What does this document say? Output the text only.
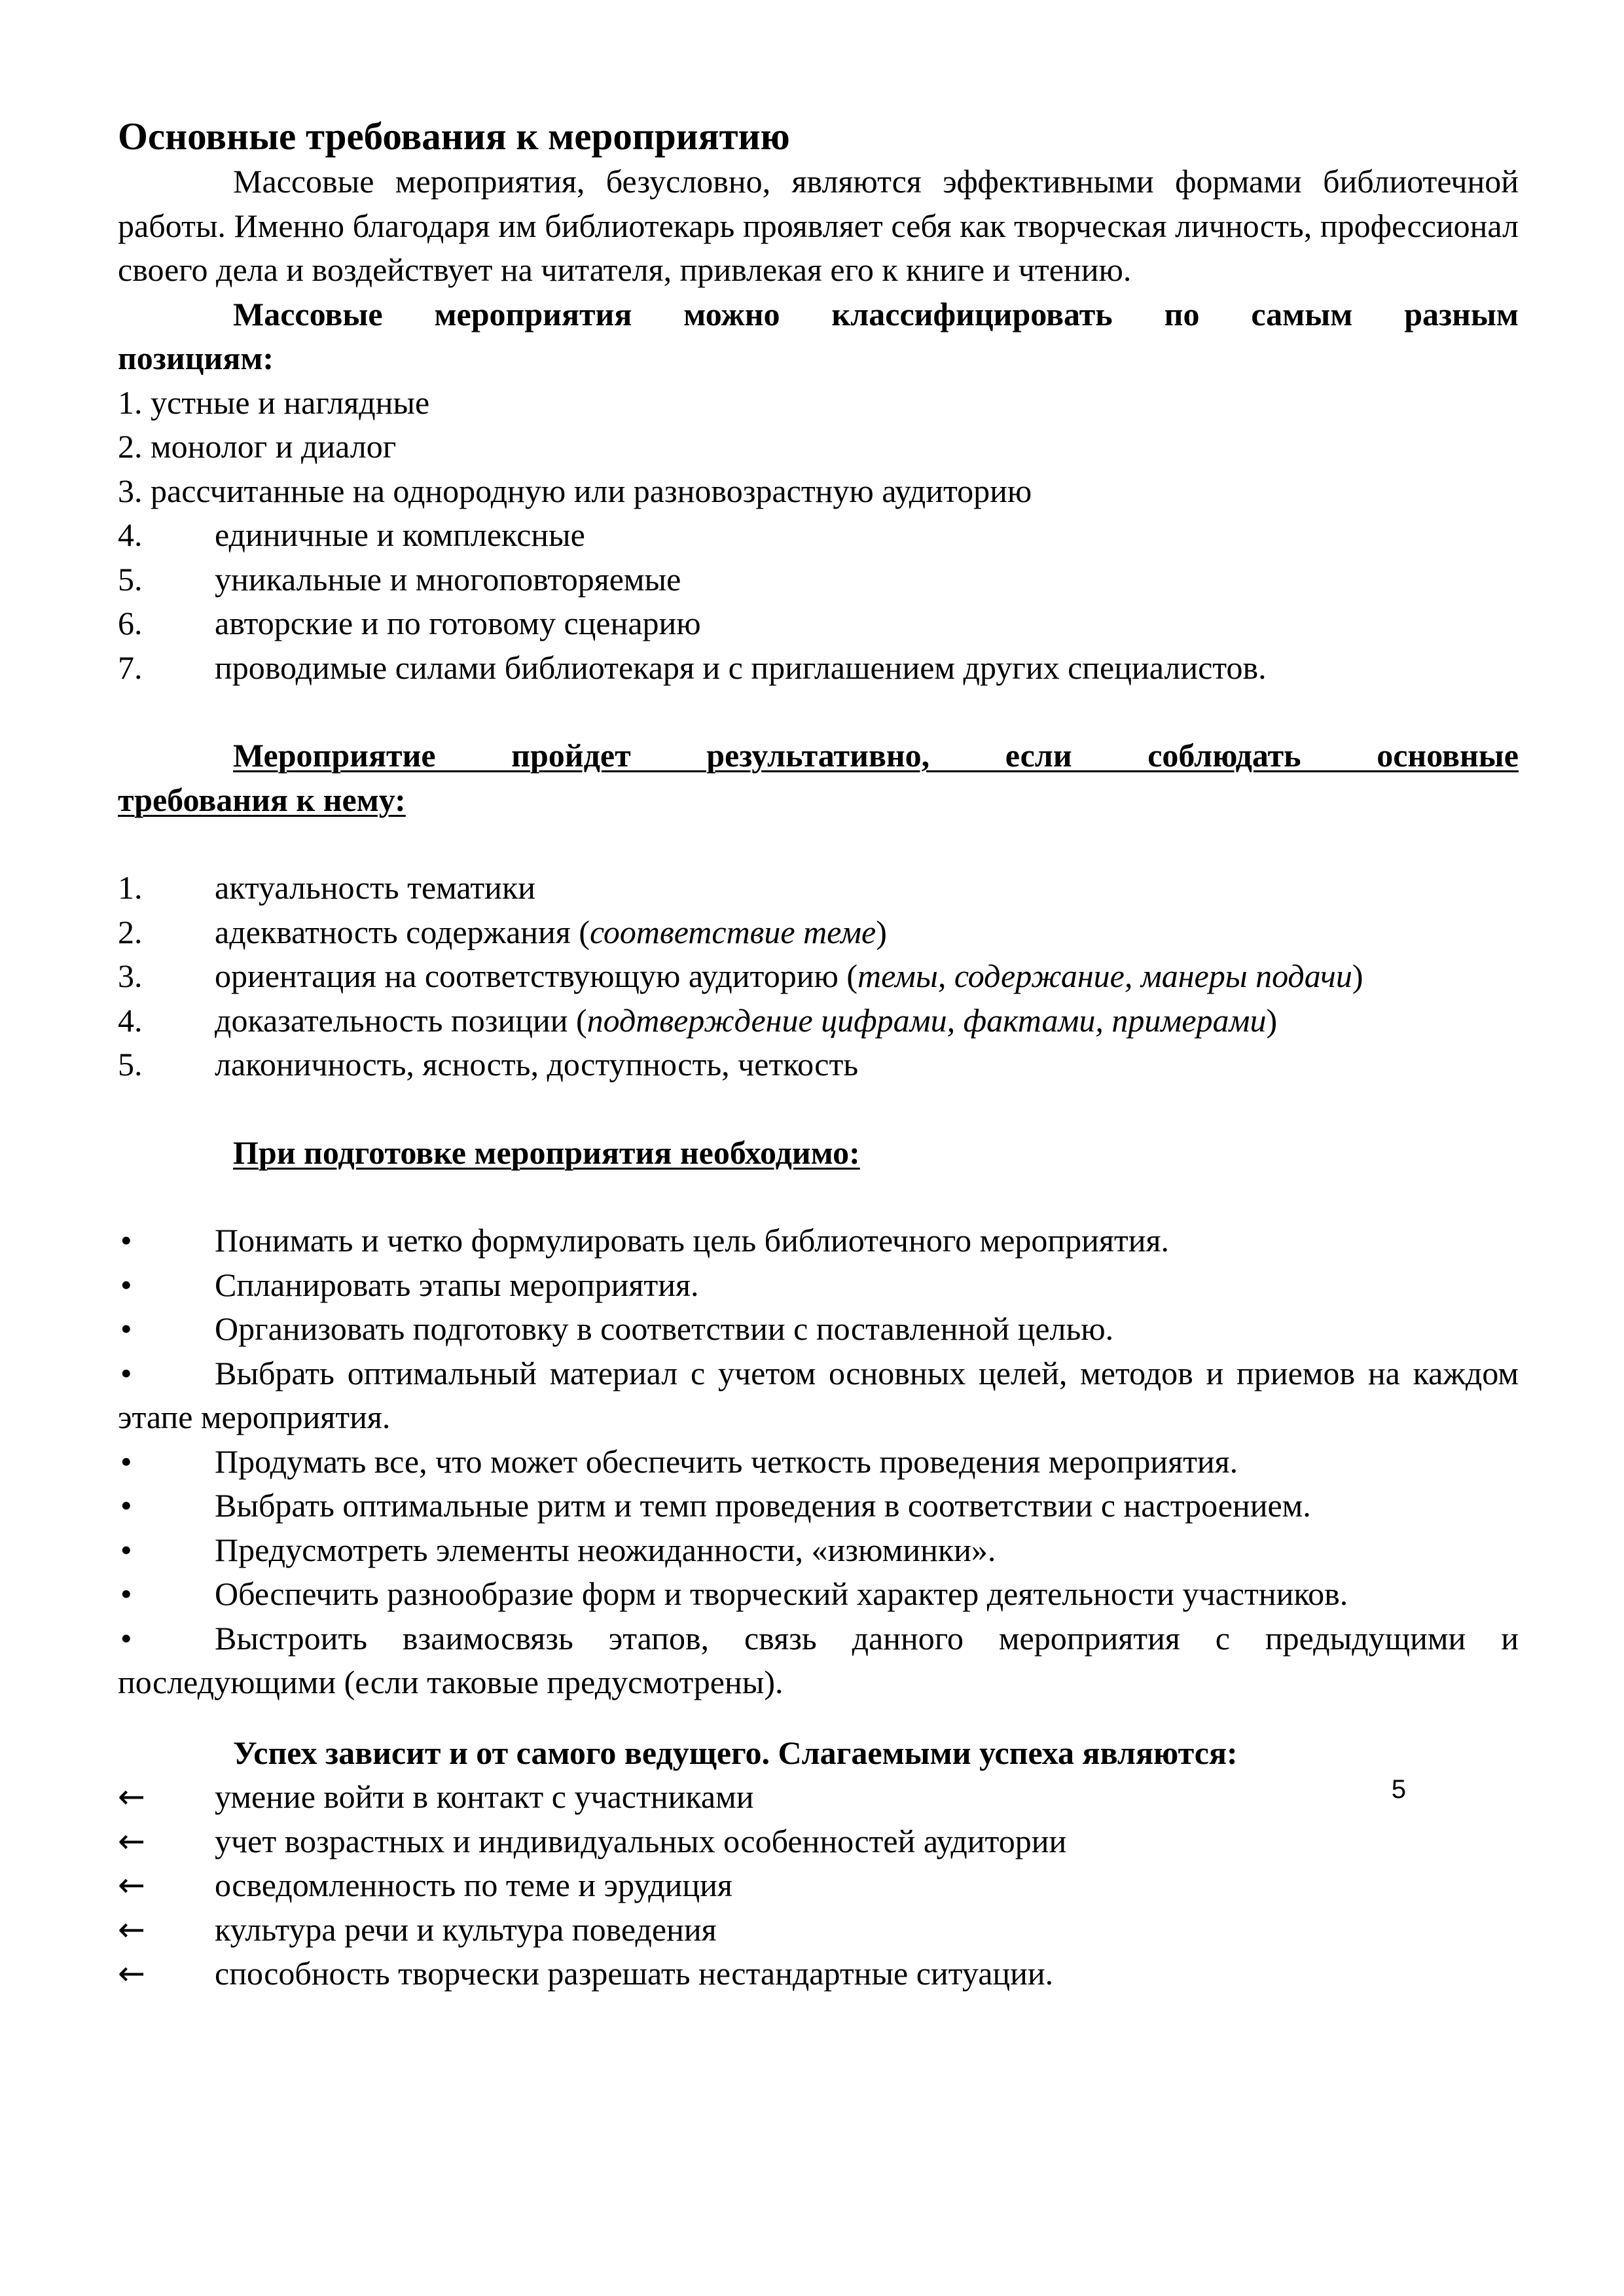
Основные требования к мероприятию

Массовые мероприятия, безусловно, являются эффективными формами библиотечной работы. Именно благодаря им библиотекарь проявляет себя как творческая личность, профессионал своего дела и воздействует на читателя, привлекая его к книге и чтению.

Массовые мероприятия можно классифицировать по самым разным

позициям:

1.
устные и наглядные
2.
монолог и диалог
3.
рассчитанные на однородную или разновозрастную аудиторию
4.	единичные и комплексные
5.	уникальные и многоповторяемые
6.	авторские и по готовому сценарию
7.	проводимые силами библиотекаря и с приглашением других специалистов.

Мероприятие пройдет результативно, если соблюдать основные

требования к нему:

1.	актуальность тематики
2.	адекватность содержания (соответствие теме)

3. ориентация на соответствующую аудиторию (темы, содержание, манеры подачи)

4.	доказательность позиции (подтверждение цифрами, фактами, примерами)
5.	лаконичность, ясность, доступность, четкость

При подготовке мероприятия необходимо:

•	Понимать и четко формулировать цель библиотечного мероприятия.

•	Спланировать этапы мероприятия.

•	Организовать подготовку в соответствии с поставленной целью.

•	Выбрать оптимальный материал с учетом основных целей, методов и приемов на каждом этапе мероприятия.

•	Продумать все, что может обеспечить четкость проведения мероприятия.

•	Выбрать оптимальные ритм и темп проведения в соответствии с настроением.

•	Предусмотреть элементы неожиданности, «изюминки».

•	Обеспечить разнообразие форм и творческий характер деятельности участников.

•	Выстроить взаимосвязь этапов, связь данного мероприятия с предыдущими и последующими (если таковые предусмотрены).

Успех зависит и от самого ведущего. Слагаемыми успеха являются:

←	умение войти в контакт с участниками
←	учет возрастных и индивидуальных особенностей аудитории
←	осведомленность по теме и эрудиция
←	культура речи и культура поведения
←	способность творчески разрешать нестандартные ситуации.
5
